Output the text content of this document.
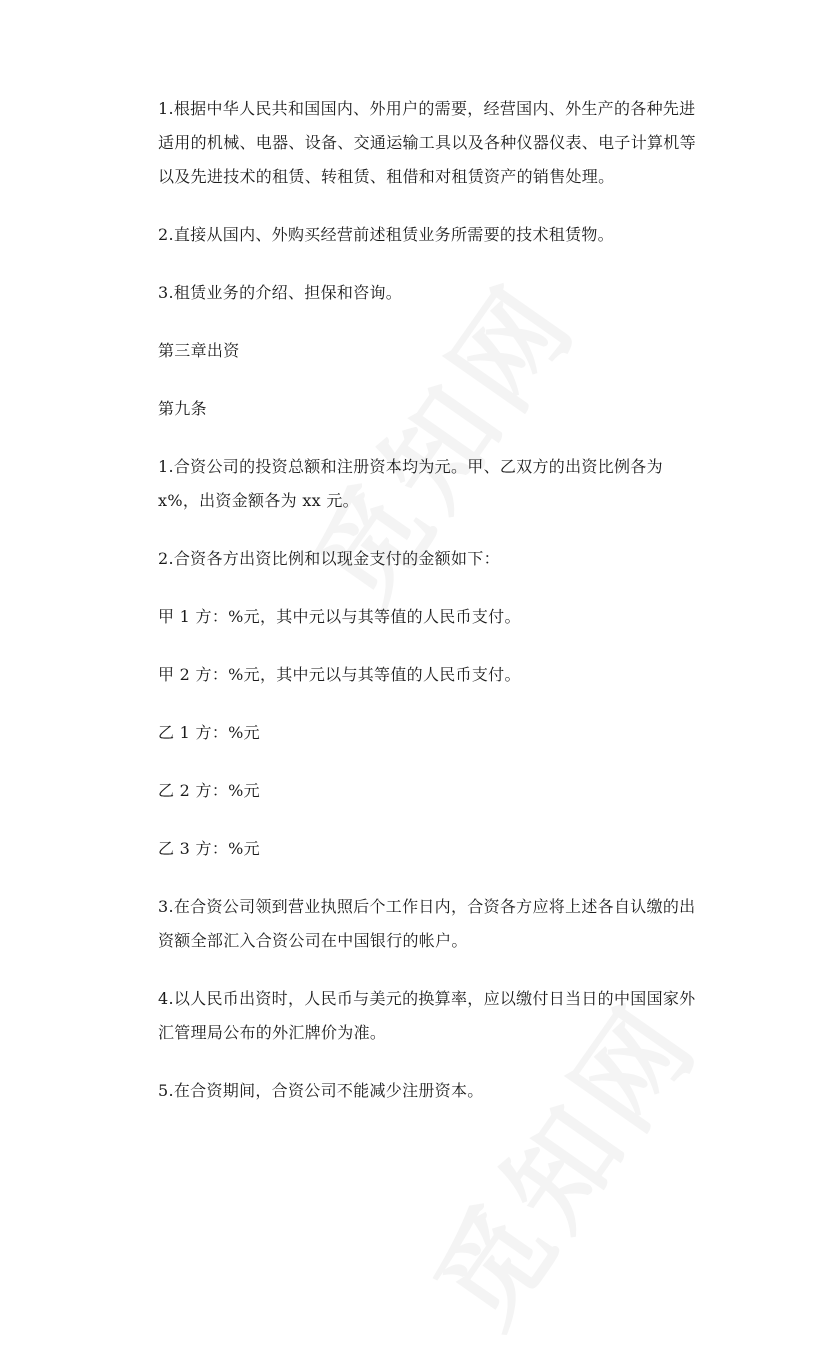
1.根据中华人民共和国国内、外用户的需要，经营国内、外生产的各种先进适用的机械、电器、设备、交通运输工具以及各种仪器仪表、电子计算机等以及先进技术的租赁、转租赁、租借和对租赁资产的销售处理。

2.直接从国内、外购买经营前述租赁业务所需要的技术租赁物。

3.租赁业务的介绍、担保和咨询。

第三章出资

第九条

1.合资公司的投资总额和注册资本均为元。甲、乙双方的出资比例各为x%，出资金额各为 xx 元。

2.合资各方出资比例和以现金支付的金额如下：

甲 1 方：%元，其中元以与其等值的人民币支付。

甲 2 方：%元，其中元以与其等值的人民币支付。

乙 1 方：%元

乙 2 方：%元

乙 3 方：%元

3.在合资公司领到营业执照后个工作日内，合资各方应将上述各自认缴的出资额全部汇入合资公司在中国银行的帐户。

4.以人民币出资时，人民币与美元的换算率，应以缴付日当日的中国国家外汇管理局公布的外汇牌价为准。

5.在合资期间，合资公司不能减少注册资本。
